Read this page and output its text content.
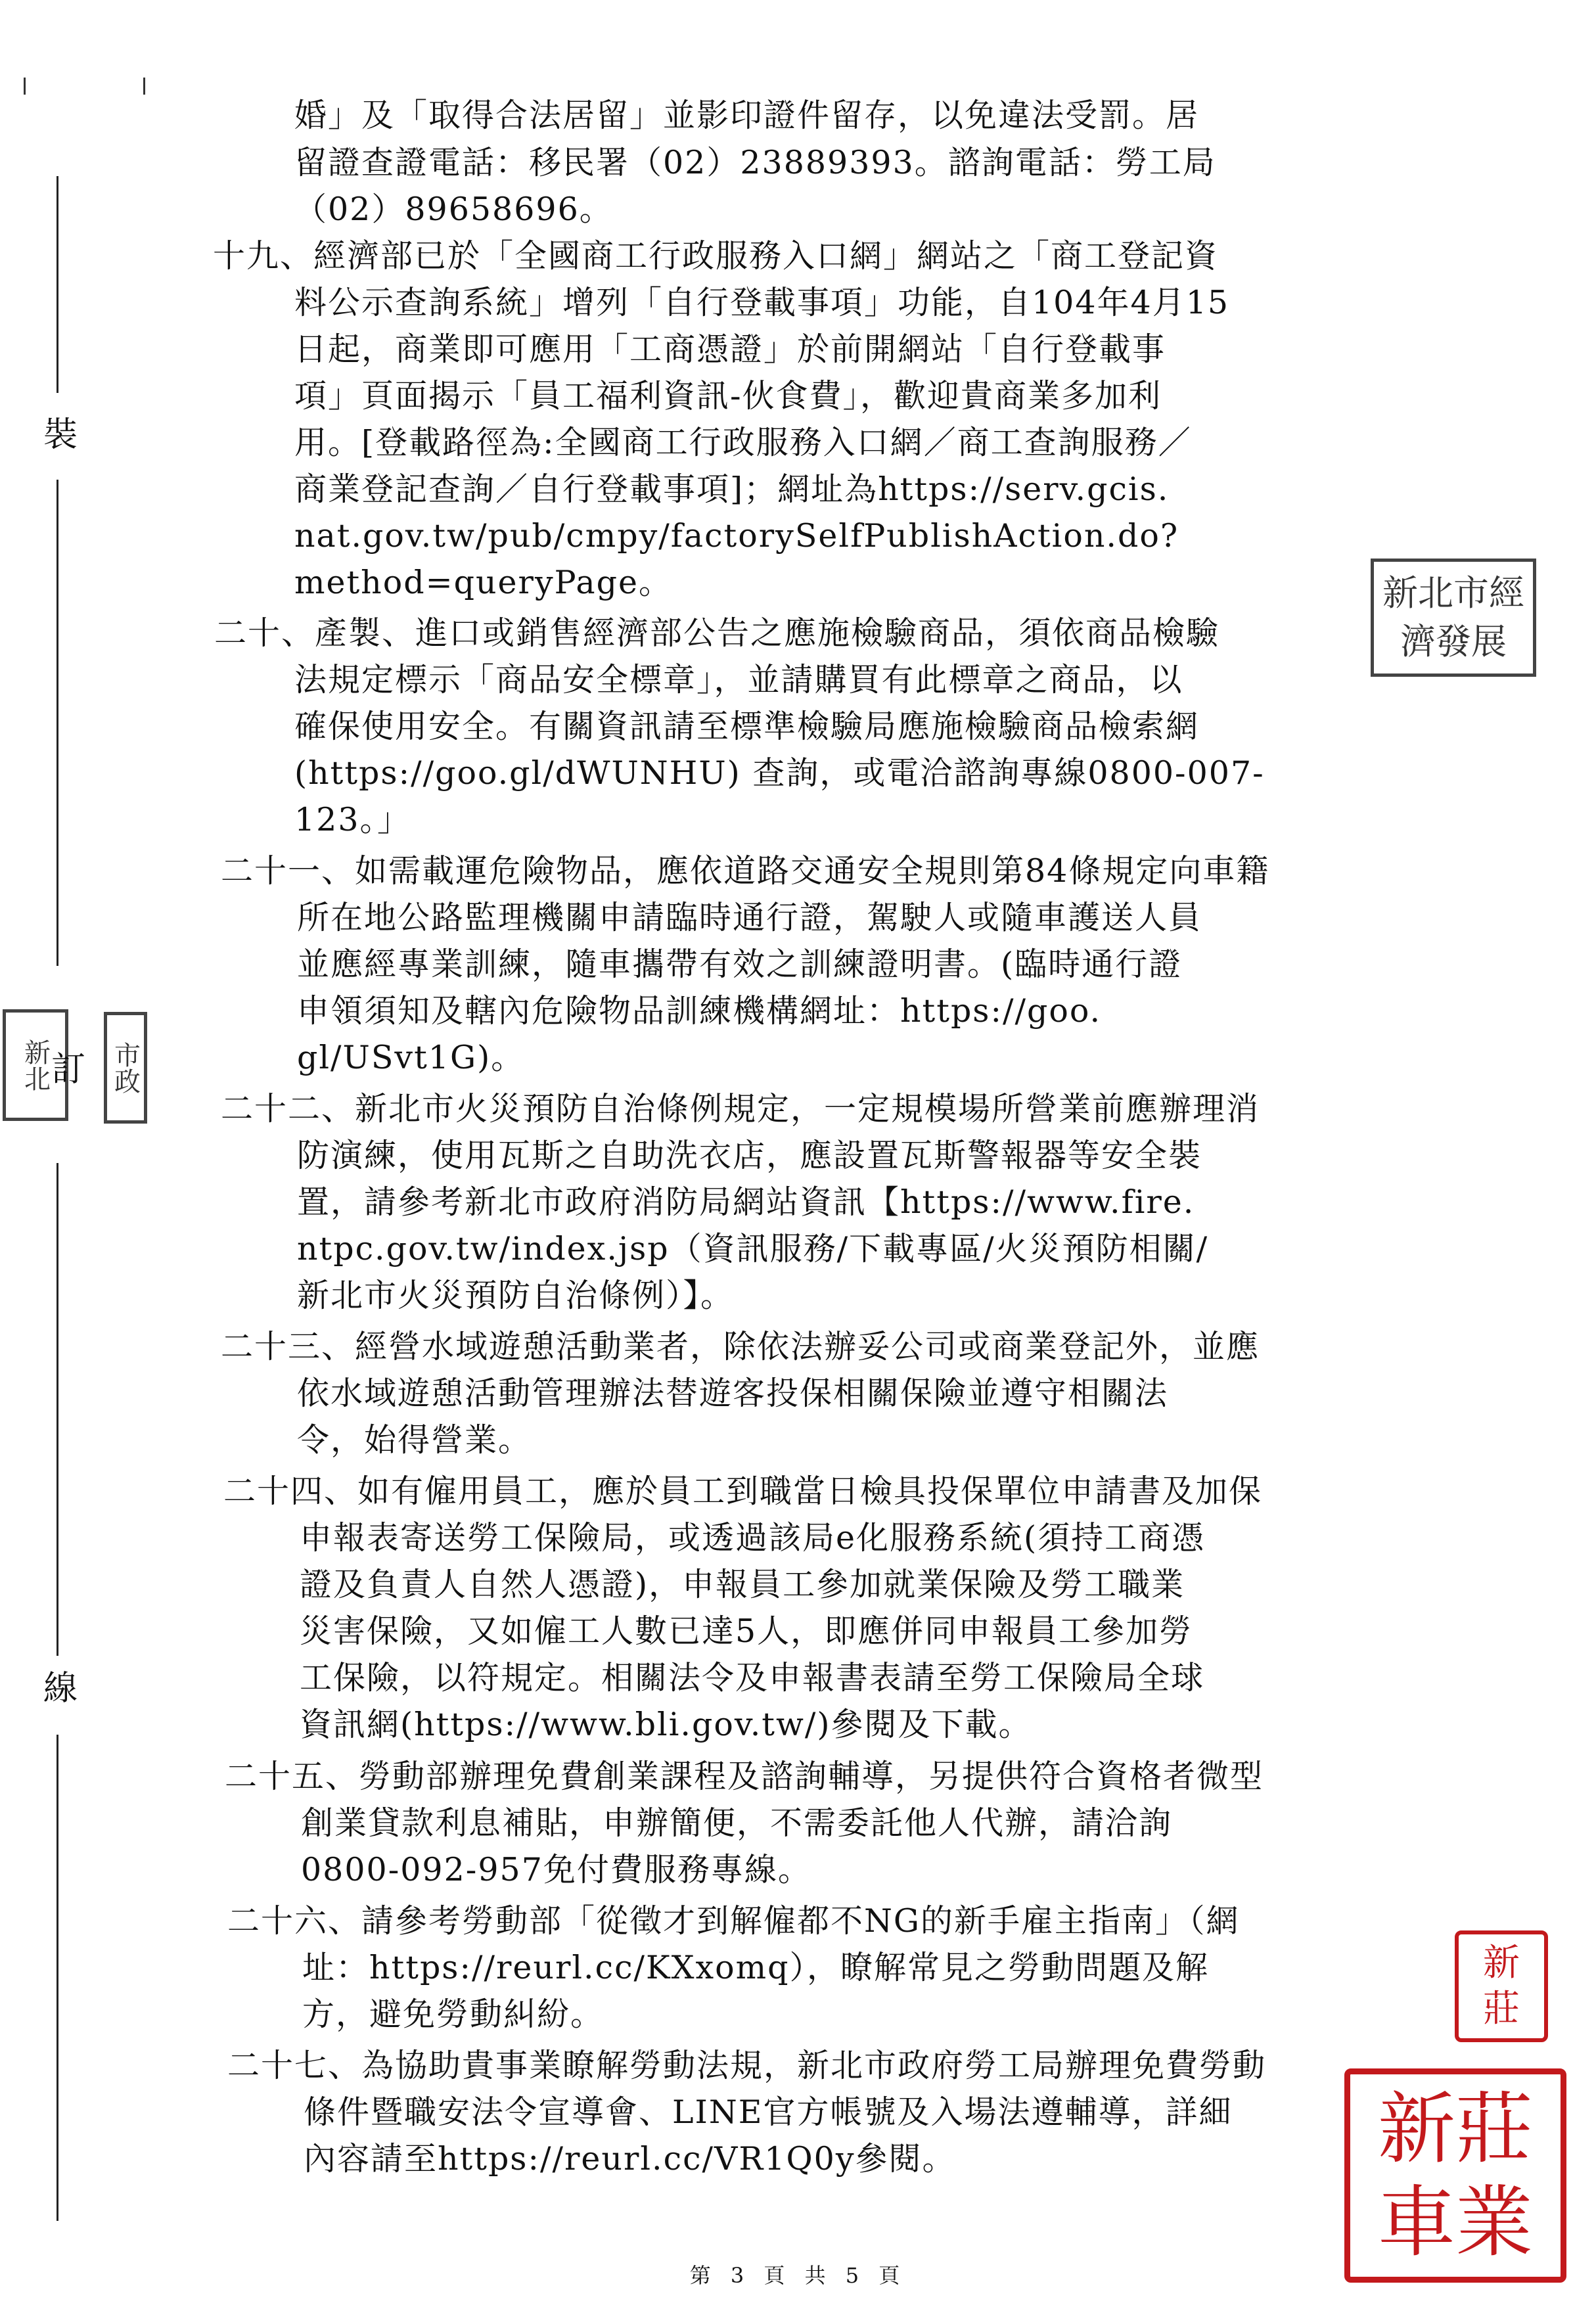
裝
新北 訂 市政
線
婚」及「取得合法居留」並影印證件留存，以免違法受罰。居
留證查證電話：移民署（02）23889393。諮詢電話：勞工局
（02）89658696。
十九、經濟部已於「全國商工行政服務入口網」網站之「商工登記資
料公示查詢系統」增列「自行登載事項」功能，自104年4月15
日起，商業即可應用「工商憑證」於前開網站「自行登載事
項」頁面揭示「員工福利資訊-伙食費」，歡迎貴商業多加利
用。[登載路徑為:全國商工行政服務入口網／商工查詢服務／
商業登記查詢／自行登載事項]；網址為https://serv.gcis.
nat.gov.tw/pub/cmpy/factorySelfPublishAction.do?
method=queryPage。
二十、產製、進口或銷售經濟部公告之應施檢驗商品，須依商品檢驗
法規定標示「商品安全標章」，並請購買有此標章之商品，以
確保使用安全。有關資訊請至標準檢驗局應施檢驗商品檢索網
(https://goo.gl/dWUNHU) 查詢，或電洽諮詢專線0800-007-
123。」
二十一、如需載運危險物品，應依道路交通安全規則第84條規定向車籍
所在地公路監理機關申請臨時通行證，駕駛人或隨車護送人員
並應經專業訓練，隨車攜帶有效之訓練證明書。(臨時通行證
申領須知及轄內危險物品訓練機構網址：https://goo.
gl/USvt1G)。
二十二、新北市火災預防自治條例規定，一定規模場所營業前應辦理消
防演練，使用瓦斯之自助洗衣店，應設置瓦斯警報器等安全裝
置，請參考新北市政府消防局網站資訊【https://www.fire.
ntpc.gov.tw/index.jsp（資訊服務/下載專區/火災預防相關/
新北市火災預防自治條例）】。
二十三、經營水域遊憩活動業者，除依法辦妥公司或商業登記外，並應
依水域遊憩活動管理辦法替遊客投保相關保險並遵守相關法
令，始得營業。
二十四、如有僱用員工，應於員工到職當日檢具投保單位申請書及加保
申報表寄送勞工保險局，或透過該局e化服務系統(須持工商憑
證及負責人自然人憑證)，申報員工參加就業保險及勞工職業
災害保險，又如僱工人數已達5人，即應併同申報員工參加勞
工保險，以符規定。相關法令及申報書表請至勞工保險局全球
資訊網(https://www.bli.gov.tw/)參閱及下載。
二十五、勞動部辦理免費創業課程及諮詢輔導，另提供符合資格者微型
創業貸款利息補貼，申辦簡便，不需委託他人代辦，請洽詢
0800-092-957免付費服務專線。
二十六、請參考勞動部「從徵才到解僱都不NG的新手雇主指南」（網
址：https://reurl.cc/KXxomq），瞭解常見之勞動問題及解
方，避免勞動糾紛。
二十七、為協助貴事業瞭解勞動法規，新北市政府勞工局辦理免費勞動
條件暨職安法令宣導會、LINE官方帳號及入場法遵輔導，詳細
內容請至https://reurl.cc/VR1Q0y參閱。
新北市經濟發展
新莊
新莊車業
第 3 頁 共 5 頁
